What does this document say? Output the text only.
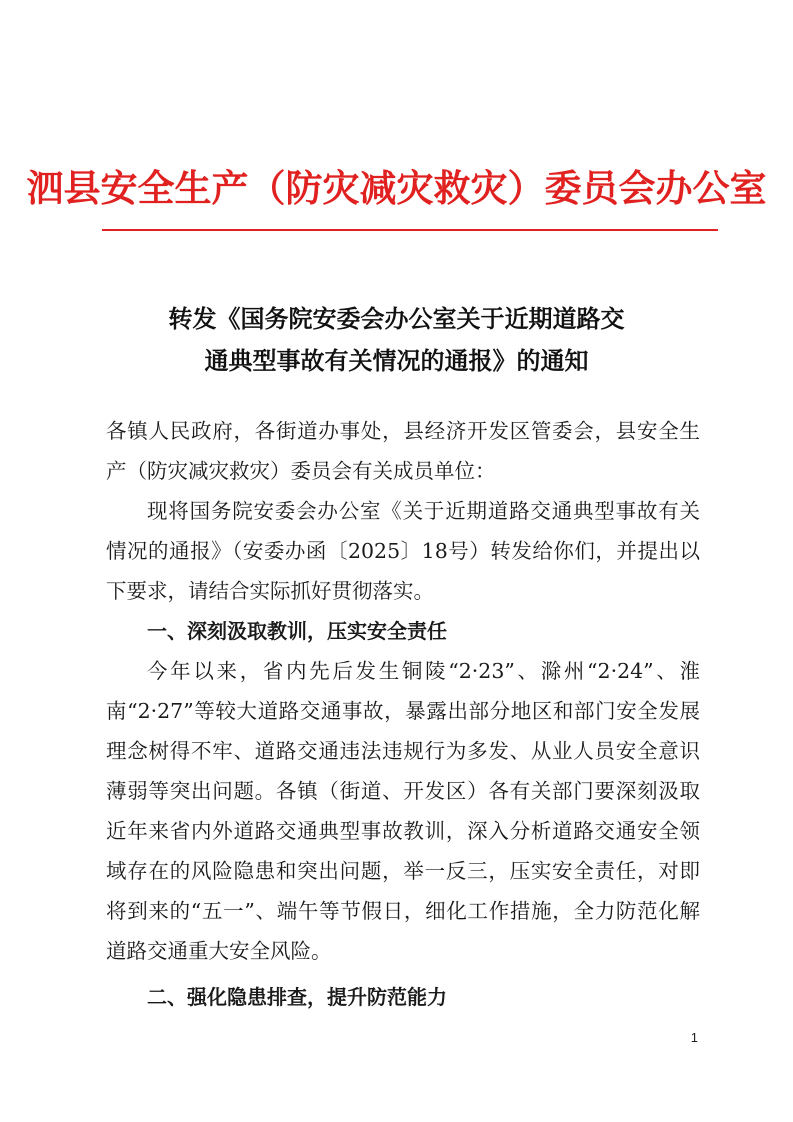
泗县安全生产（防灾减灾救灾）委员会办公室
转发《国务院安委会办公室关于近期道路交
通典型事故有关情况的通报》的通知

各镇人民政府，各街道办事处，县经济开发区管委会，县安全生产（防灾减灾救灾）委员会有关成员单位：

现将国务院安委会办公室《关于近期道路交通典型事故有关情况的通报》（安委办函〔2025〕18号）转发给你们，并提出以下要求，请结合实际抓好贯彻落实。

一、深刻汲取教训，压实安全责任

今年以来，省内先后发生铜陵“2·23”、滁州“2·24”、淮南“2·27”等较大道路交通事故，暴露出部分地区和部门安全发展理念树得不牢、道路交通违法违规行为多发、从业人员安全意识薄弱等突出问题。各镇（街道、开发区）各有关部门要深刻汲取近年来省内外道路交通典型事故教训，深入分析道路交通安全领域存在的风险隐患和突出问题，举一反三，压实安全责任，对即将到来的“五一”、端午等节假日，细化工作措施，全力防范化解道路交通重大安全风险。

二、强化隐患排查，提升防范能力

1
